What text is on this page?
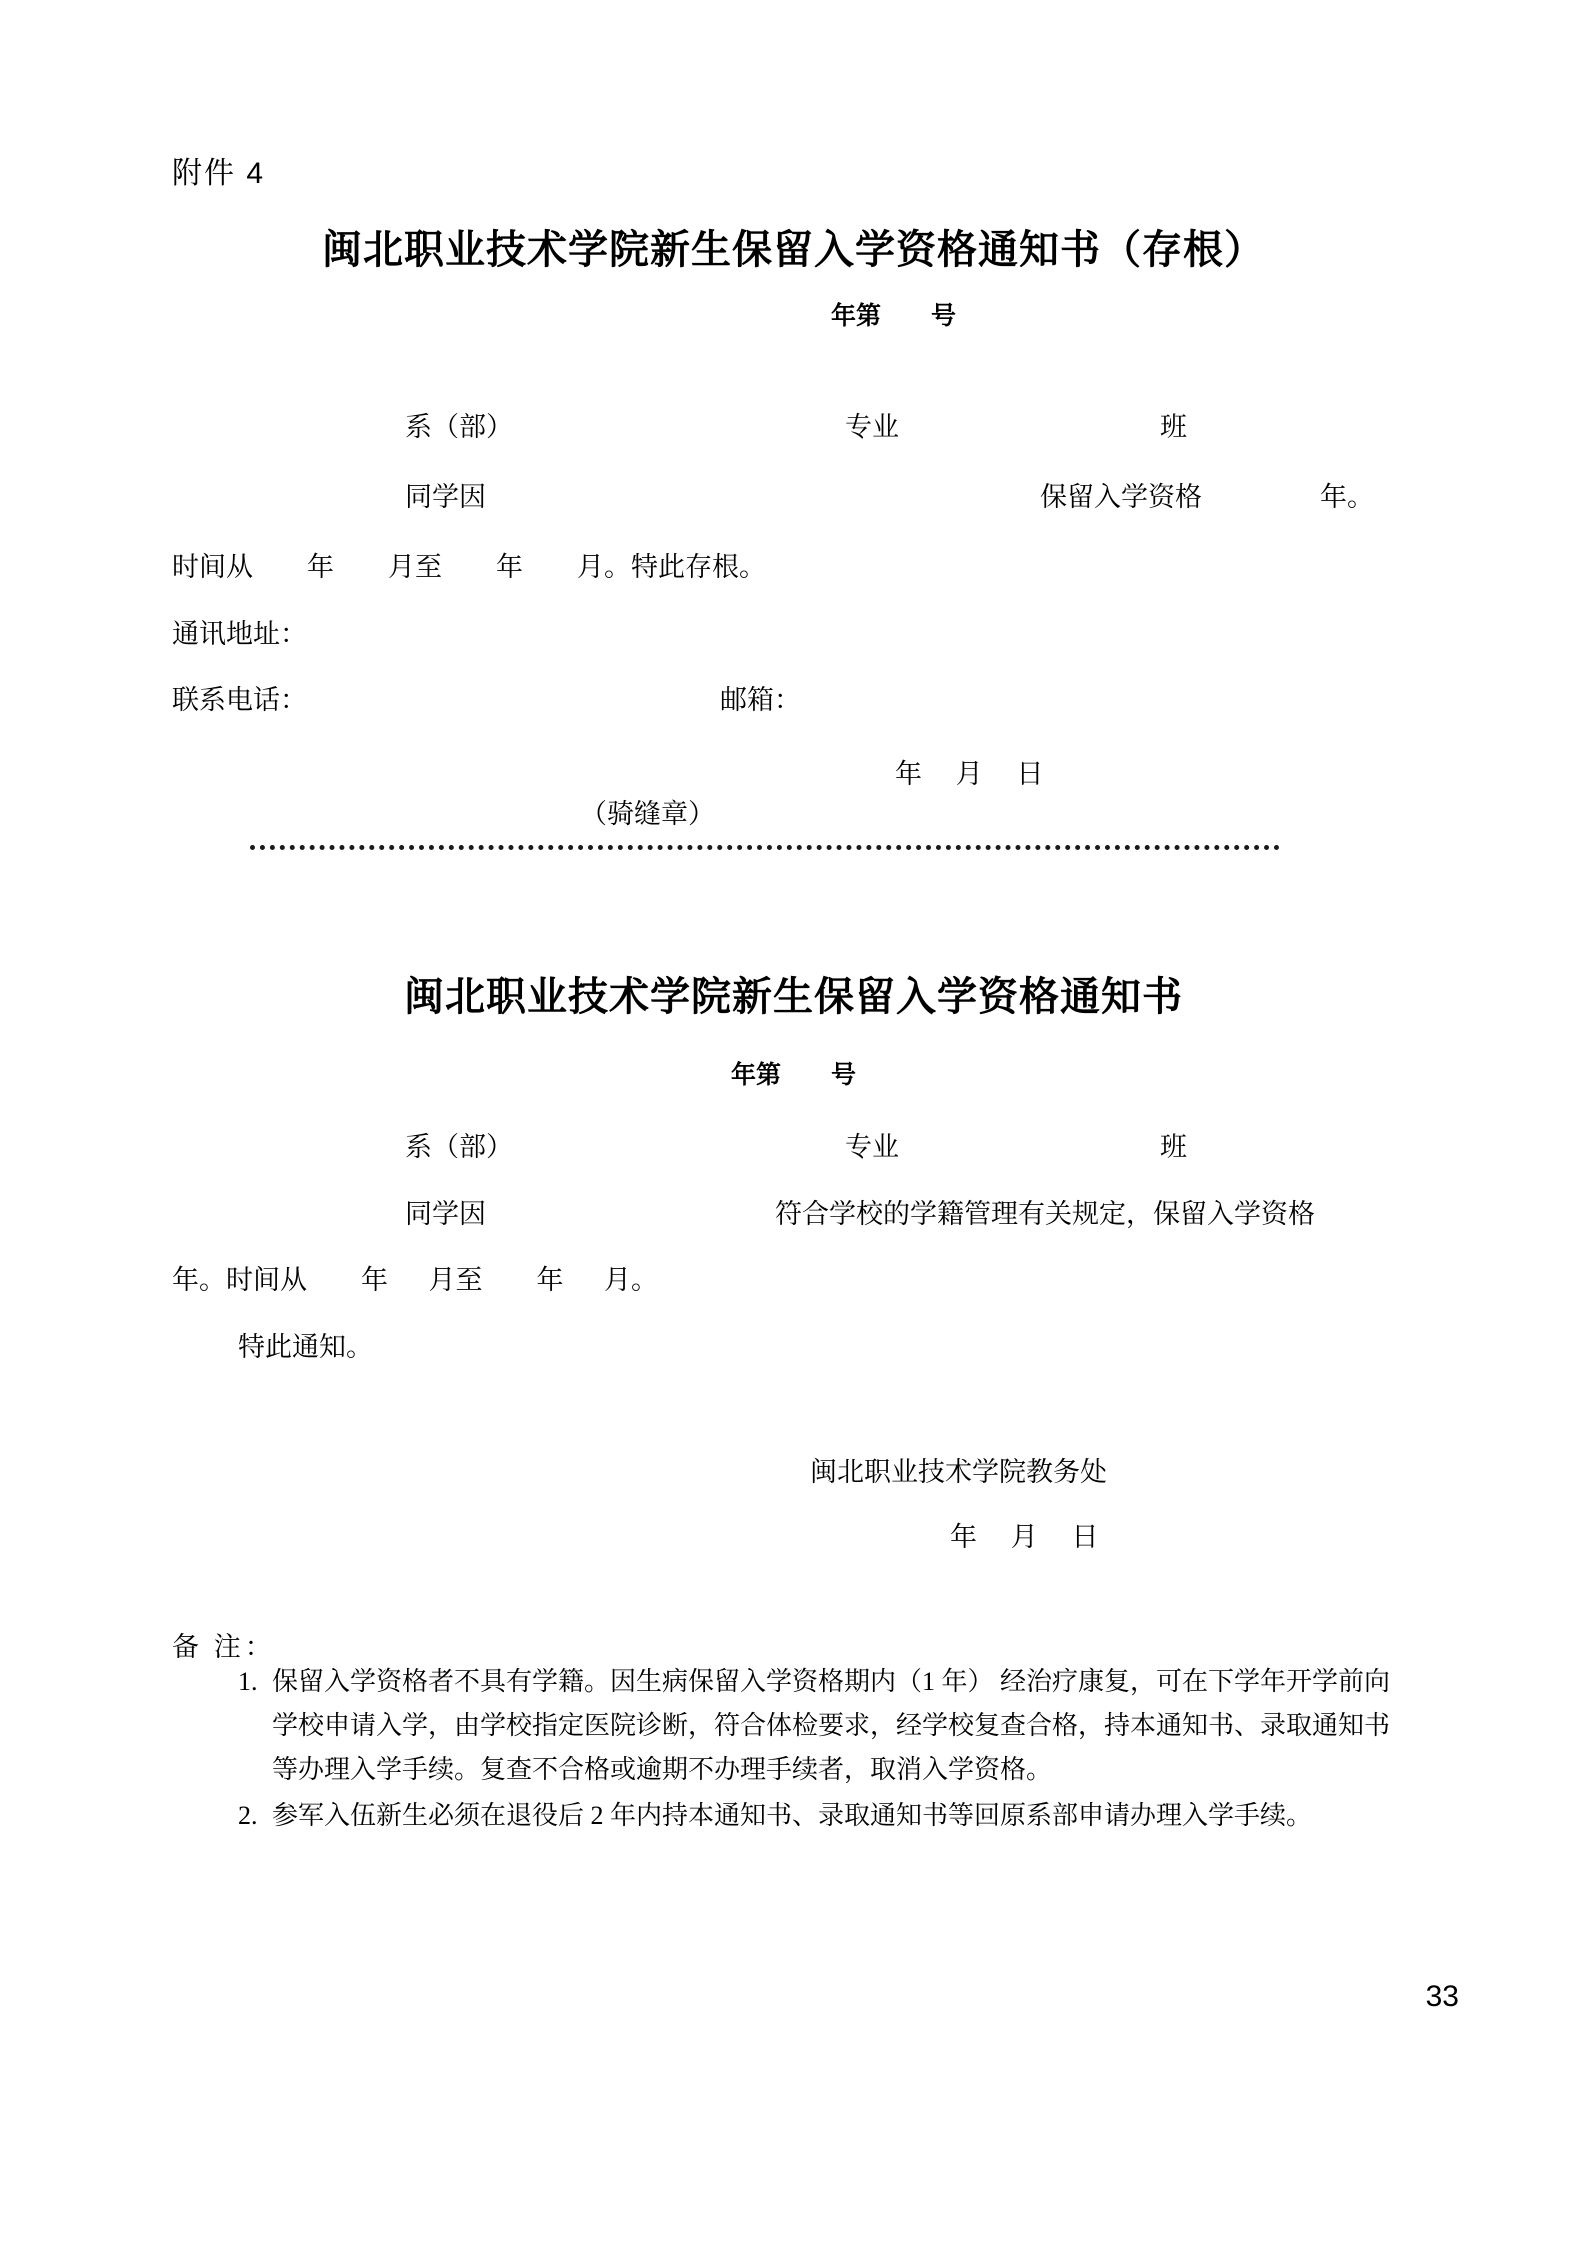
附件 4
闽北职业技术学院新生保留入学资格通知书（存根）
年第        号
系（部）	专业	班
同学因	保留入学资格	年。
时间从        年        月至        年        月。特此存根。
通讯地址：
联系电话：	邮箱：
年     月     日
（骑缝章）
闽北职业技术学院新生保留入学资格通知书
年第        号
系（部）	专业	班
同学因	符合学校的学籍管理有关规定，保留入学资格
年。时间从        年      月至        年      月。
特此通知。
闽北职业技术学院教务处
年     月     日
备 注：
1. 保留入学资格者不具有学籍。因生病保留入学资格期内（1 年） 经治疗康复，可在下学年开学前向学校申请入学，由学校指定医院诊断，符合体检要求，经学校复查合格，持本通知书、录取通知书等办理入学手续。复查不合格或逾期不办理手续者，取消入学资格。
2. 参军入伍新生必须在退役后 2 年内持本通知书、录取通知书等回原系部申请办理入学手续。
33
